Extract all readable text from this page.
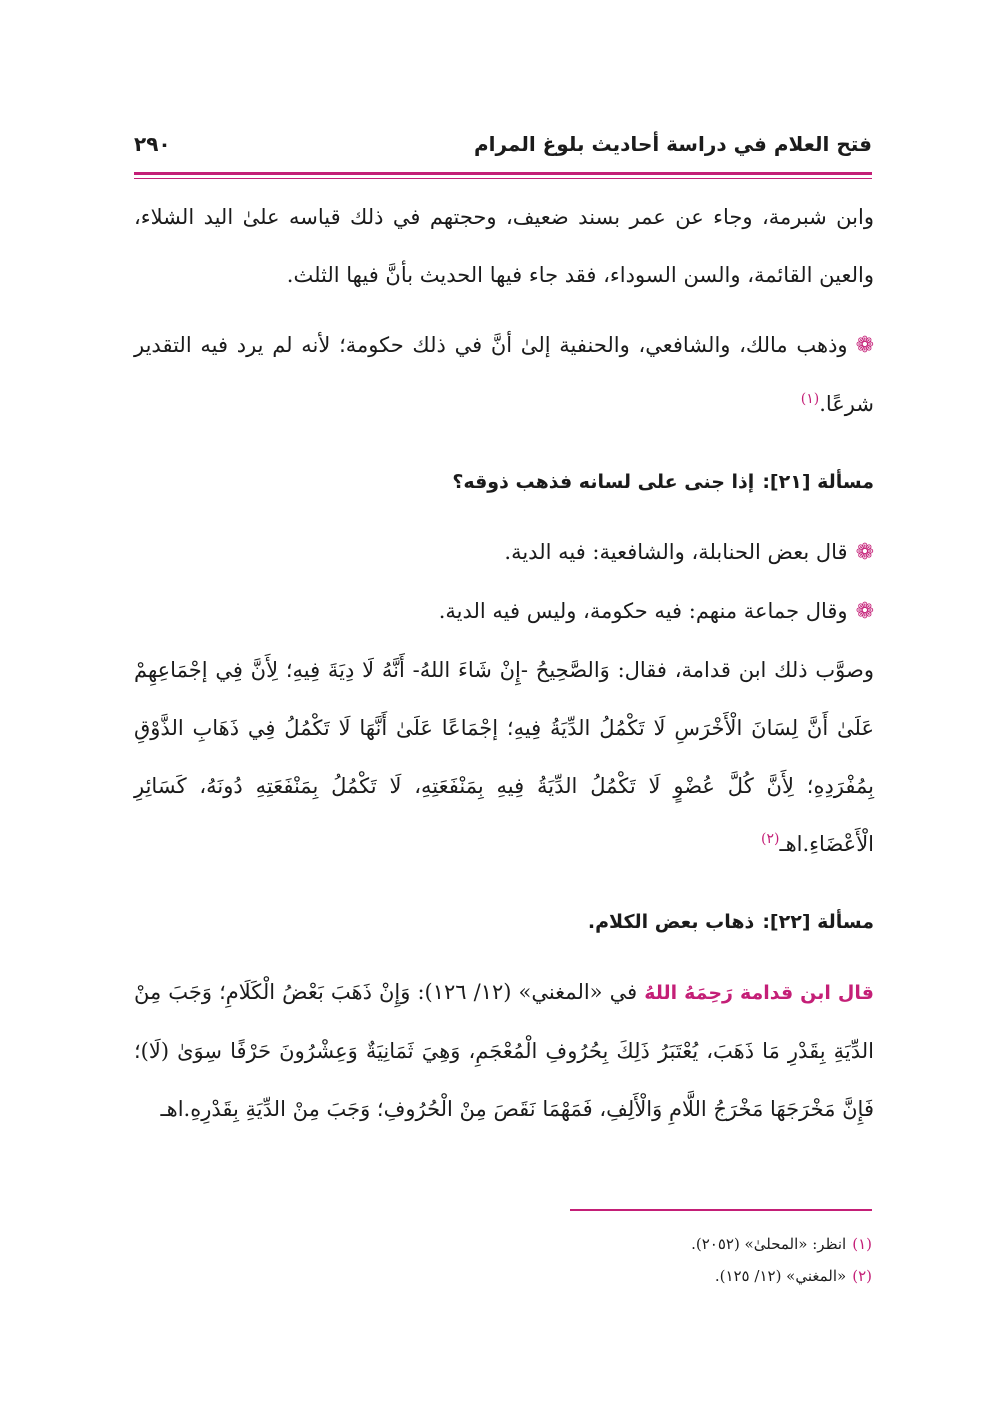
فتح العلام في دراسة أحاديث بلوغ المرام
٢٩٠

وابن شبرمة، وجاء عن عمر بسند ضعيف، وحجتهم في ذلك قياسه علىٰ اليد الشلاء، والعين القائمة، والسن السوداء، فقد جاء فيها الحديث بأنَّ فيها الثلث.

❁وذهب مالك، والشافعي، والحنفية إلىٰ أنَّ في ذلك حكومة؛ لأنه لم يرد فيه التقدير شرعًا.$^{(١)}$

مسألة [٢١]:إذا جنى على لسانه فذهب ذوقه؟

❁قال بعض الحنابلة، والشافعية: فيه الدية.

❁وقال جماعة منهم: فيه حكومة، وليس فيه الدية.

وصوَّب ذلك ابن قدامة، فقال: وَالصَّحِيحُ -إِنْ شَاءَ اللهُ- أَنَّهُ لَا دِيَةَ فِيهِ؛ لِأَنَّ فِي إجْمَاعِهِمْ عَلَىٰ أَنَّ لِسَانَ الْأَخْرَسِ لَا تَكْمُلُ الدِّيَةُ فِيهِ؛ إجْمَاعًا عَلَىٰ أَنَّهَا لَا تَكْمُلُ فِي ذَهَابِ الذَّوْقِ بِمُفْرَدِهِ؛ لِأَنَّ كُلَّ عُضْوٍ لَا تَكْمُلُ الدِّيَةُ فِيهِ بِمَنْفَعَتِهِ، لَا تَكْمُلُ بِمَنْفَعَتِهِ دُونَهُ، كَسَائِرِ الْأَعْضَاءِ.اهـ$^{(٢)}$

مسألة [٢٢]:ذهاب بعض الكلام.

قال ابن قدامة رَحِمَهُ اللهُ في «المغني» (١٢/ ١٢٦): وَإِنْ ذَهَبَ بَعْضُ الْكَلَامِ؛ وَجَبَ مِنْ الدِّيَةِ بِقَدْرِ مَا ذَهَبَ، يُعْتَبَرُ ذَلِكَ بِحُرُوفِ الْمُعْجَمِ، وَهِيَ ثَمَانِيَةٌ وَعِشْرُونَ حَرْفًا سِوَىٰ (لَا)؛ فَإِنَّ مَخْرَجَهَا مَخْرَجُ اللَّامِ وَالْأَلِفِ، فَمَهْمَا نَقَصَ مِنْ الْحُرُوفِ؛ وَجَبَ مِنْ الدِّيَةِ بِقَدْرِهِ.اهـ

(١)انظر: «المحلىٰ» (٢٠٥٢).

(٢)«المغني» (١٢/ ١٢٥).
